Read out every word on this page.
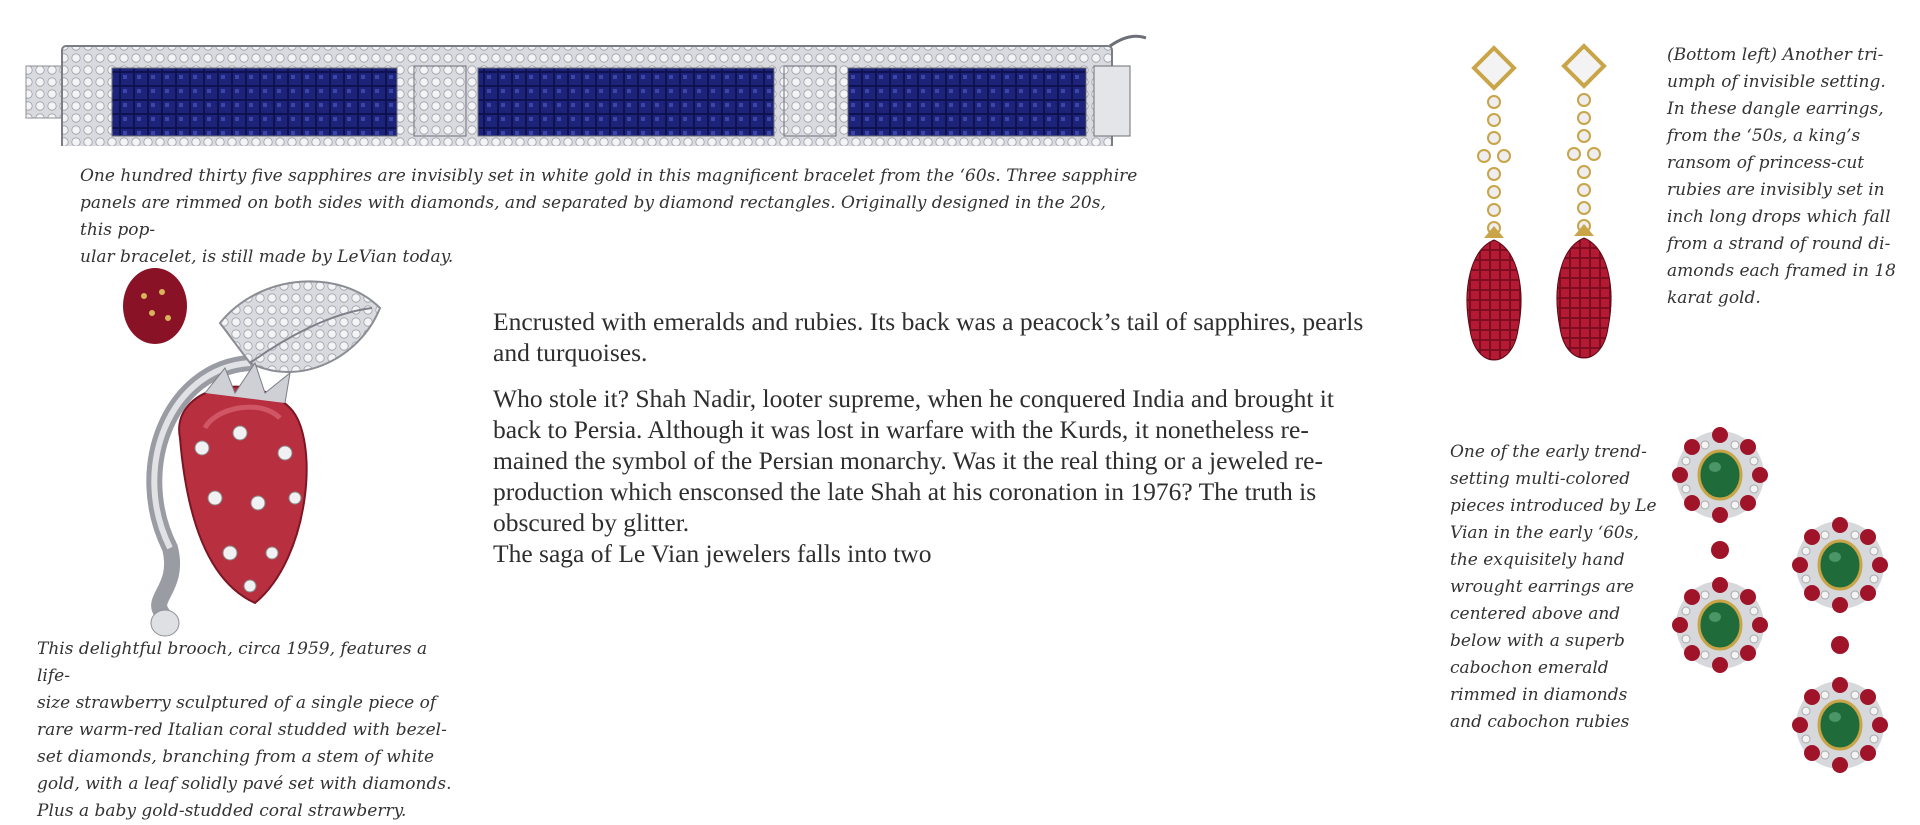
One hundred thirty five sapphires are invisibly set in white gold in this magnificent bracelet from the ‘60s. Three sapphire
panels are rimmed on both sides with diamonds, and separated by diamond rectangles. Originally designed in the 20s, this pop-
ular bracelet, is still made by LeVian today.

This delightful brooch, circa 1959, features a life-
size strawberry sculptured of a single piece of
rare warm-red Italian coral studded with bezel-
set diamonds, branching from a stem of white
gold, with a leaf solidly pavé set with diamonds.
Plus a baby gold-studded coral strawberry.

Encrusted with emeralds and rubies. Its back was a peacock’s tail of sapphires, pearls
and turquoises.

Who stole it? Shah Nadir, looter supreme, when he conquered India and brought it
back to Persia. Although it was lost in warfare with the Kurds, it nonetheless re-
mained the symbol of the Persian monarchy. Was it the real thing or a jeweled re-
production which ensconsed the late Shah at his coronation in 1976? The truth is
obscured by glitter.
The saga of Le Vian jewelers falls into two

(Bottom left) Another tri-
umph of invisible setting.
In these dangle earrings,
from the ‘50s, a king’s
ransom of princess-cut
rubies are invisibly set in
inch long drops which fall
from a strand of round di-
amonds each framed in 18
karat gold.

One of the early trend-
setting multi-colored
pieces introduced by Le
Vian in the early ‘60s,
the exquisitely hand
wrought earrings are
centered above and
below with a superb
cabochon emerald
rimmed in diamonds
and cabochon rubies
